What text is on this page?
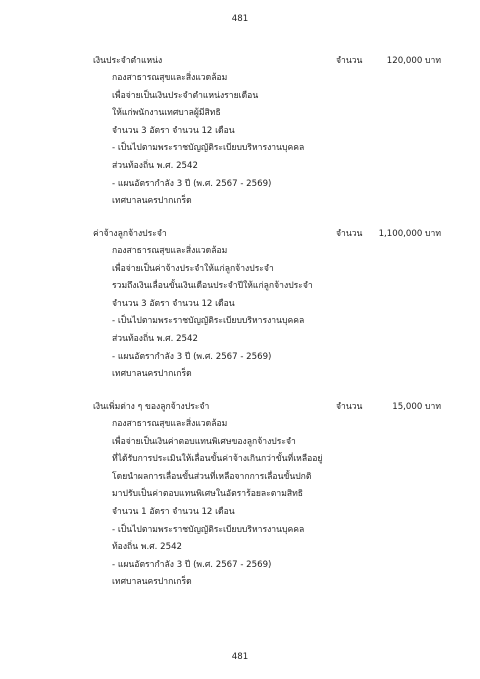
481
เงินประจำตำแหน่ง	จำนวน	120,000 บาท
กองสาธารณสุขและสิ่งแวดล้อม
เพื่อจ่ายเป็นเงินประจำตำแหน่งรายเดือน
ให้แก่พนักงานเทศบาลผู้มีสิทธิ
จำนวน 3 อัตรา จำนวน 12 เดือน
- เป็นไปตามพระราชบัญญัติระเบียบบริหารงานบุคคล
ส่วนท้องถิ่น พ.ศ. 2542
- แผนอัตรากำลัง 3 ปี (พ.ศ. 2567 - 2569)
เทศบาลนครปากเกร็ด
ค่าจ้างลูกจ้างประจำ	จำนวน 1,100,000 บาท
กองสาธารณสุขและสิ่งแวดล้อม
เพื่อจ่ายเป็นค่าจ้างประจำให้แก่ลูกจ้างประจำ
รวมถึงเงินเลื่อนขั้นเงินเดือนประจำปีให้แก่ลูกจ้างประจำ
จำนวน 3 อัตรา จำนวน 12 เดือน
- เป็นไปตามพระราชบัญญัติระเบียบบริหารงานบุคคล
ส่วนท้องถิ่น พ.ศ. 2542
- แผนอัตรากำลัง 3 ปี (พ.ศ. 2567 - 2569)
เทศบาลนครปากเกร็ด
เงินเพิ่มต่าง ๆ ของลูกจ้างประจำ	จำนวน	15,000 บาท
กองสาธารณสุขและสิ่งแวดล้อม
เพื่อจ่ายเป็นเงินค่าตอบแทนพิเศษของลูกจ้างประจำ
ที่ได้รับการประเมินให้เลื่อนขั้นค่าจ้างเกินกว่าขั้นที่เหลืออยู่
โดยนำผลการเลื่อนขั้นส่วนที่เหลือจากการเลื่อนขั้นปกติ
มาปรับเป็นค่าตอบแทนพิเศษในอัตราร้อยละตามสิทธิ
จำนวน 1 อัตรา จำนวน 12 เดือน
- เป็นไปตามพระราชบัญญัติระเบียบบริหารงานบุคคล
ท้องถิ่น พ.ศ. 2542
- แผนอัตรากำลัง 3 ปี (พ.ศ. 2567 - 2569)
เทศบาลนครปากเกร็ด
481
